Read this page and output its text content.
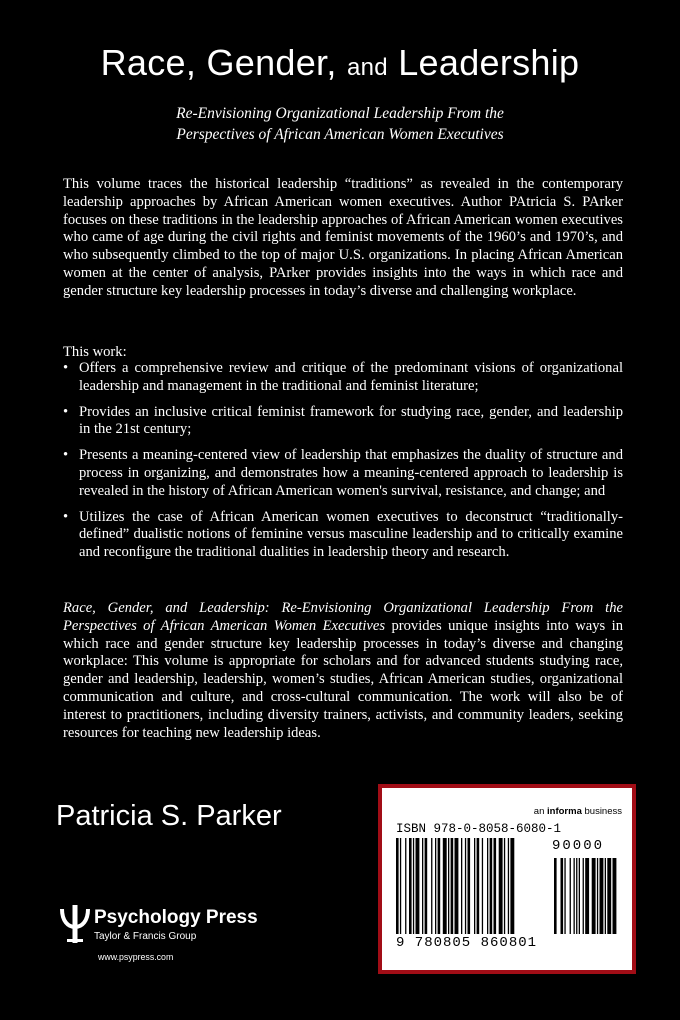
Race, Gender, and Leadership
Re-Envisioning Organizational Leadership From the
Perspectives of African American Women Executives

This volume traces the historical leadership “traditions” as revealed in the contemporary leadership approaches by African American women executives. Author PAtricia S. PArker focuses on these traditions in the leadership approaches of African American women executives who came of age during the civil rights and feminist movements of the 1960’s and 1970’s, and who subsequently climbed to the top of major U.S. organizations. In placing African American women at the center of analysis, PArker provides insights into the ways in which race and gender structure key leadership processes in today’s diverse and challenging workplace.

This work:
• Offers a comprehensive review and critique of the predominant visions of organizational leadership and management in the traditional and feminist literature;
• Provides an inclusive critical feminist framework for studying race, gender, and leadership in the 21st century;
• Presents a meaning-centered view of leadership that emphasizes the duality of structure and process in organizing, and demonstrates how a meaning-centered approach to leadership is revealed in the history of African American women's survival, resistance, and change; and
• Utilizes the case of African American women executives to deconstruct “traditionally-defined” dualistic notions of feminine versus masculine leadership and to critically examine and reconfigure the traditional dualities in leadership theory and research.

Race, Gender, and Leadership: Re-Envisioning Organizational Leadership From the Perspectives of African American Women Executives provides unique insights into ways in which race and gender structure key leadership processes in today’s diverse and changing workplace: This volume is appropriate for scholars and for advanced students studying race, gender and leadership, leadership, women’s studies, African American studies, organizational communication and culture, and cross-cultural communication. The work will also be of interest to practitioners, including diversity trainers, activists, and community leaders, seeking resources for teaching new leadership ideas.

Patricia S. Parker
Psychology Press
Taylor & Francis Group
www.psypress.com
an informa business
ISBN 978-0-8058-6080-1
90000
9 780805 860801
